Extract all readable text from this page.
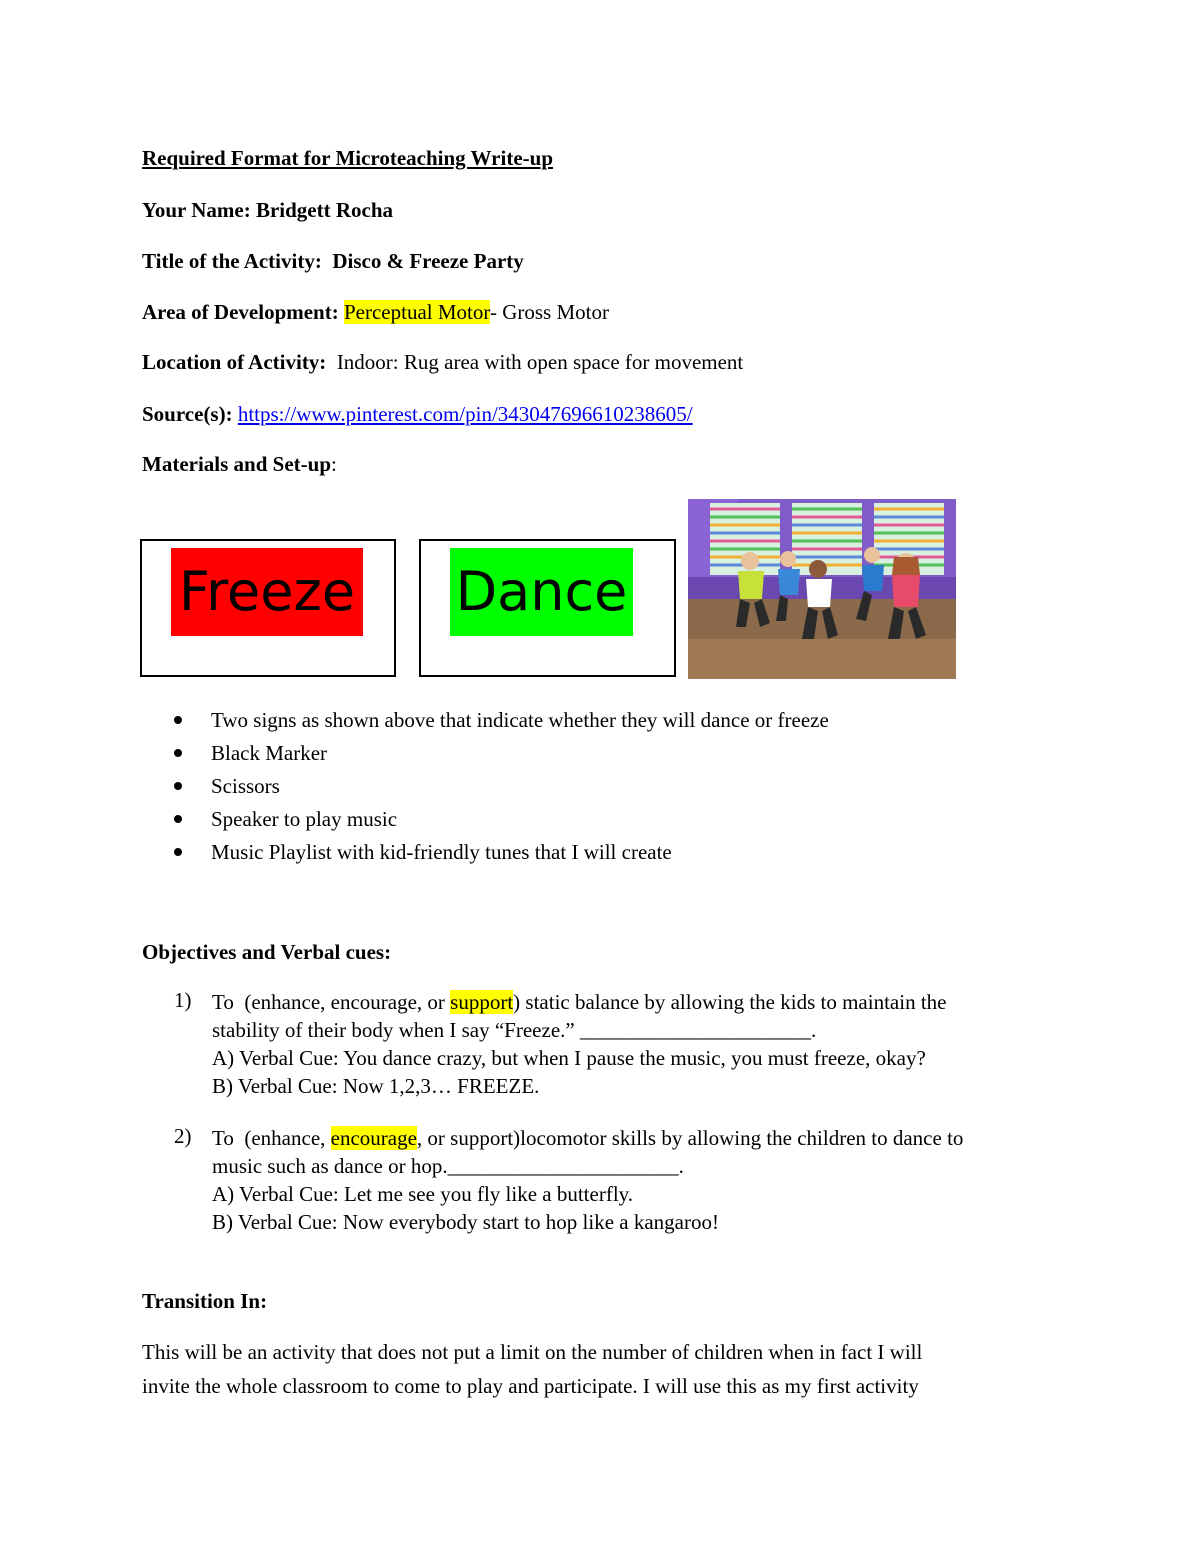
Required Format for Microteaching Write-up
Your Name: Bridgett Rocha
Title of the Activity:  Disco & Freeze Party
Area of Development: Perceptual Motor- Gross Motor
Location of Activity:  Indoor: Rug area with open space for movement
Source(s): https://www.pinterest.com/pin/343047696610238605/
Materials and Set-up:
Freeze Dance
Two signs as shown above that indicate whether they will dance or freeze
Black Marker
Scissors
Speaker to play music
Music Playlist with kid-friendly tunes that I will create
Objectives and Verbal cues:
1) To  (enhance, encourage, or support) static balance by allowing the kids to maintain the
stability of their body when I say “Freeze.” ______________________.
A) Verbal Cue: You dance crazy, but when I pause the music, you must freeze, okay?
B) Verbal Cue: Now 1,2,3… FREEZE.
2) To  (enhance, encourage, or support)locomotor skills by allowing the children to dance to
music such as dance or hop.______________________.
A) Verbal Cue: Let me see you fly like a butterfly.
B) Verbal Cue: Now everybody start to hop like a kangaroo!
Transition In:
This will be an activity that does not put a limit on the number of children when in fact I will
invite the whole classroom to come to play and participate. I will use this as my first activity
